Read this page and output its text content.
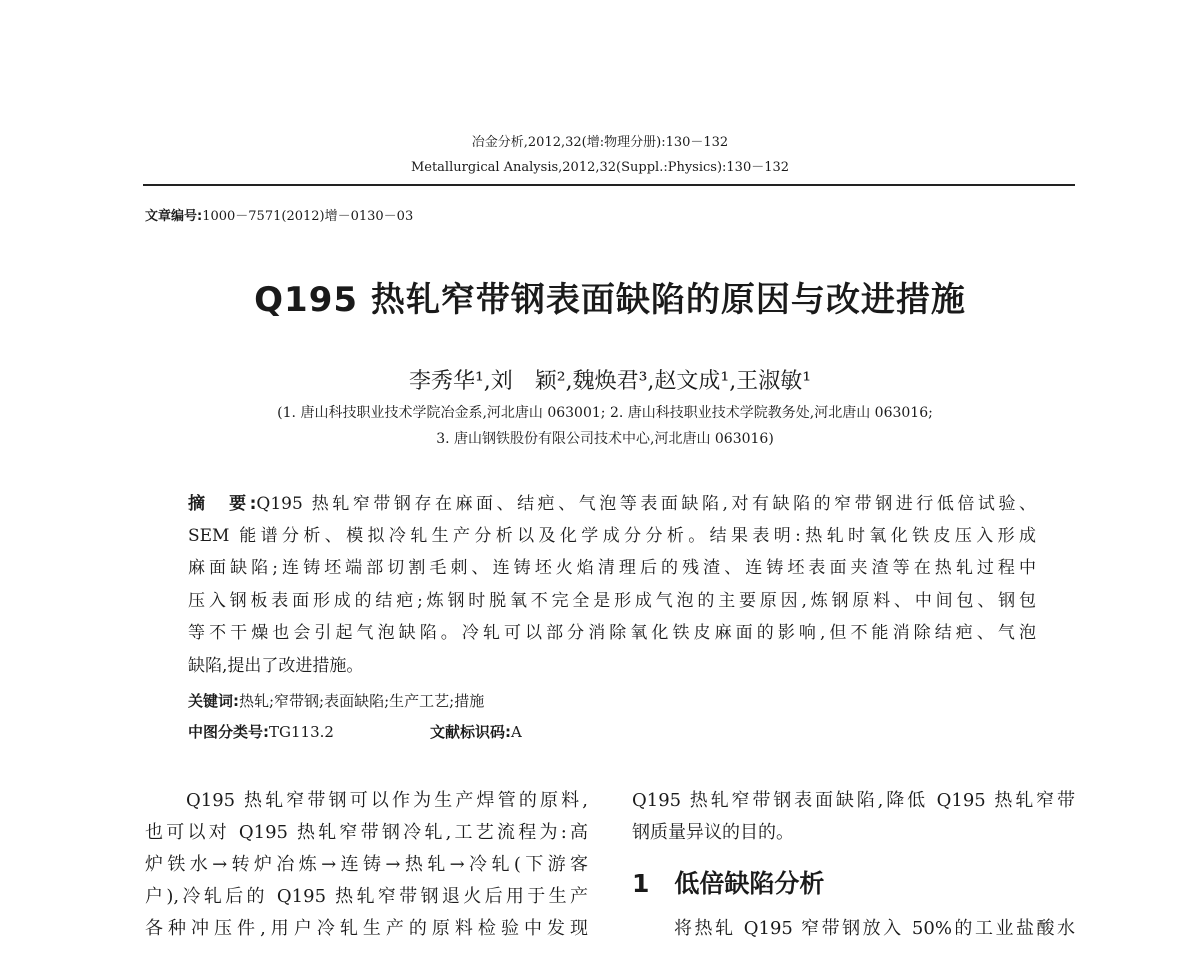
冶金分析,2012,32(增:物理分册):130－132
Metallurgical Analysis,2012,32(Suppl.:Physics):130－132
文章编号:1000－7571(2012)增－0130－03
Q195 热轧窄带钢表面缺陷的原因与改进措施
李秀华¹,刘　颖²,魏焕君³,赵文成¹,王淑敏¹
(1. 唐山科技职业技术学院冶金系,河北唐山 063001; 2. 唐山科技职业技术学院教务处,河北唐山 063016;
3. 唐山钢铁股份有限公司技术中心,河北唐山 063016)
摘　要:Q195 热轧窄带钢存在麻面、结疤、气泡等表面缺陷,对有缺陷的窄带钢进行低倍试验、
SEM 能谱分析、模拟冷轧生产分析以及化学成分分析。结果表明:热轧时氧化铁皮压入形成
麻面缺陷;连铸坯端部切割毛刺、连铸坯火焰清理后的残渣、连铸坯表面夹渣等在热轧过程中
压入钢板表面形成的结疤;炼钢时脱氧不完全是形成气泡的主要原因,炼钢原料、中间包、钢包
等不干燥也会引起气泡缺陷。冷轧可以部分消除氧化铁皮麻面的影响,但不能消除结疤、气泡
缺陷,提出了改进措施。
关键词:热轧;窄带钢;表面缺陷;生产工艺;措施
中图分类号:TG113.2	文献标识码:A
Q195 热轧窄带钢可以作为生产焊管的原料,
也可以对 Q195 热轧窄带钢冷轧,工艺流程为:高
炉铁水→转炉冶炼→连铸→热轧→冷轧(下游客
户),冷轧后的 Q195 热轧窄带钢退火后用于生产
各种冲压件,用户冷轧生产的原料检验中发现
Q195 热轧窄带钢表面缺陷,降低 Q195 热轧窄带
钢质量异议的目的。
1　低倍缺陷分析
将热轧 Q195 窄带钢放入 50%的工业盐酸水
